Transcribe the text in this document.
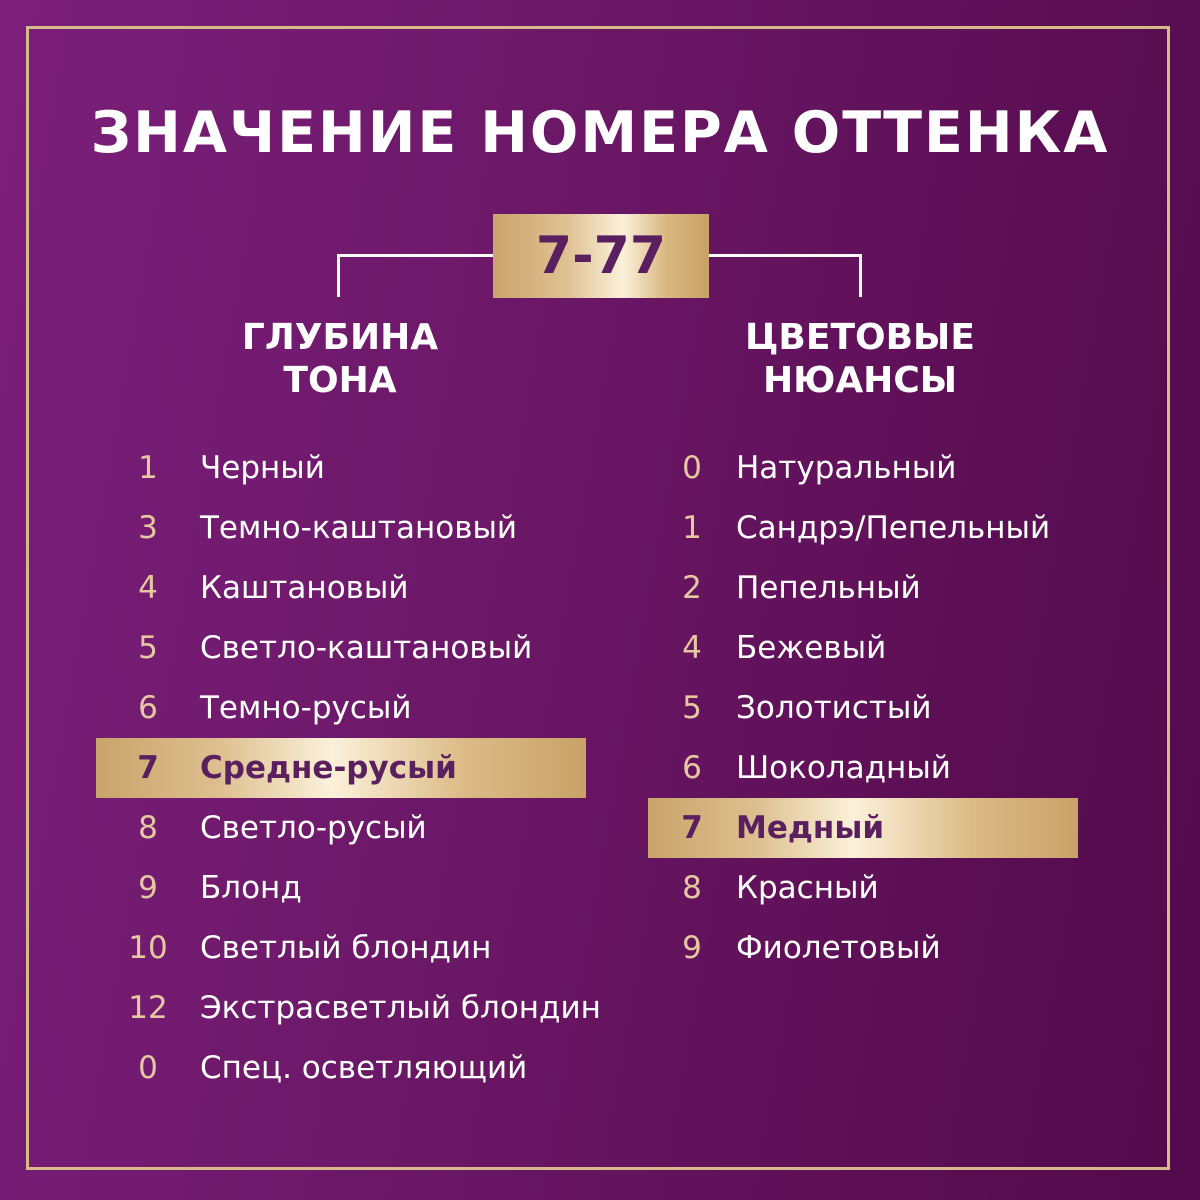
ЗНАЧЕНИЕ НОМЕРА ОТТЕНКА
7-77
ГЛУБИНА
ТОНА
ЦВЕТОВЫЕ
НЮАНСЫ
1	Черный
3	Темно-каштановый
4	Каштановый
5	Светло-каштановый
6	Темно-русый
7	Средне-русый
8	Светло-русый
9	Блонд
10	Светлый блондин
12	Экстрасветлый блондин
0	Спец. осветляющий
0	Натуральный
1	Сандрэ/Пепельный
2	Пепельный
4	Бежевый
5	Золотистый
6	Шоколадный
7	Медный
8	Красный
9	Фиолетовый
